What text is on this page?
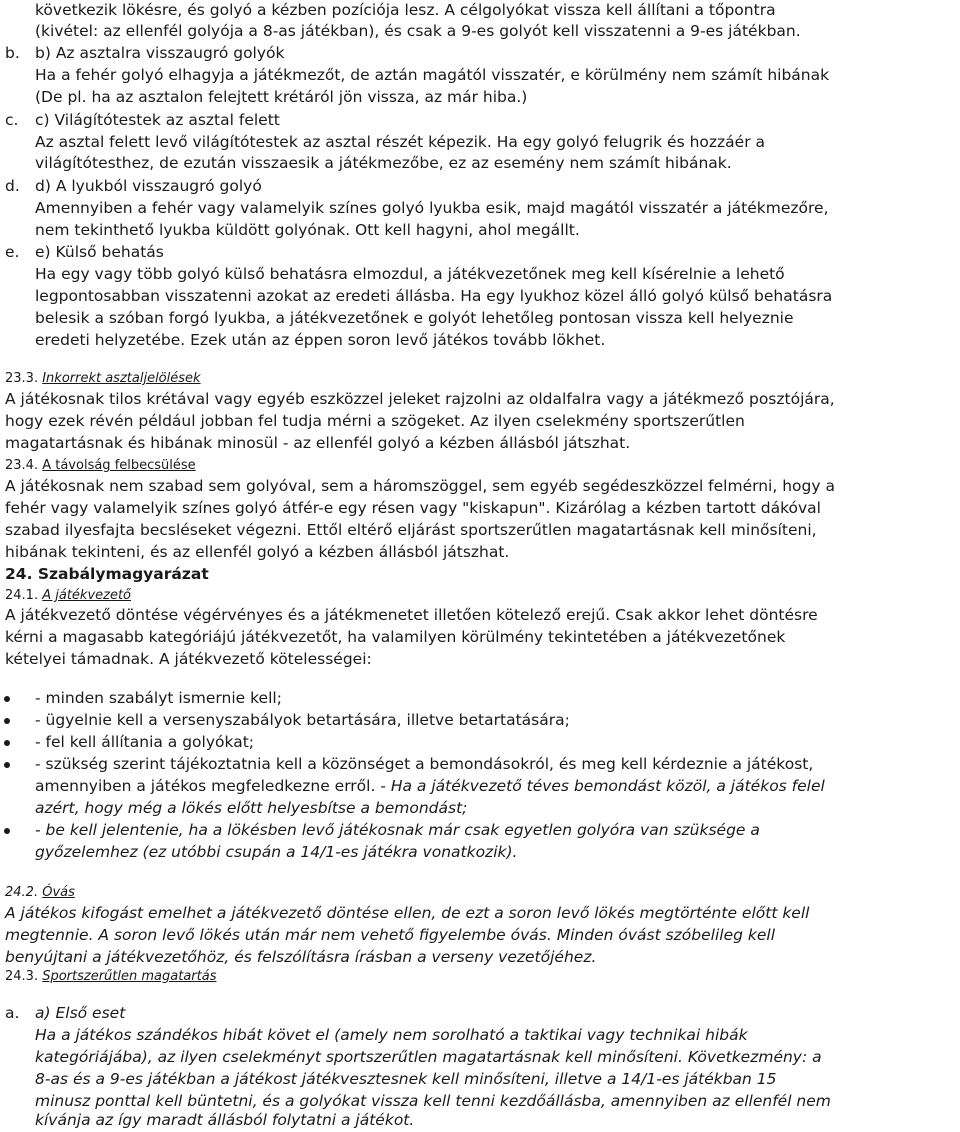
következik lökésre, és golyó a kézben pozíciója lesz. A célgolyókat vissza kell állítani a tőpontra
(kivétel: az ellenfél golyója a 8-as játékban), és csak a 9-es golyót kell visszatenni a 9-es játékban.
b. b) Az asztalra visszaugró golyók
Ha a fehér golyó elhagyja a játékmezőt, de aztán magától visszatér, e körülmény nem számít hibának
(De pl. ha az asztalon felejtett krétáról jön vissza, az már hiba.)
c. c) Világítótestek az asztal felett
Az asztal felett levő világítótestek az asztal részét képezik. Ha egy golyó felugrik és hozzáér a
világítótesthez, de ezután visszaesik a játékmezőbe, ez az esemény nem számít hibának.
d. d) A lyukból visszaugró golyó
Amennyiben a fehér vagy valamelyik színes golyó lyukba esik, majd magától visszatér a játékmezőre,
nem tekinthető lyukba küldött golyónak. Ott kell hagyni, ahol megállt.
e. e) Külső behatás
Ha egy vagy több golyó külső behatásra elmozdul, a játékvezetőnek meg kell kísérelnie a lehető
legpontosabban visszatenni azokat az eredeti állásba. Ha egy lyukhoz közel álló golyó külső behatásra
belesik a szóban forgó lyukba, a játékvezetőnek e golyót lehetőleg pontosan vissza kell helyeznie
eredeti helyzetébe. Ezek után az éppen soron levő játékos tovább lökhet.
23.3. Inkorrekt asztaljelölések
A játékosnak tilos krétával vagy egyéb eszközzel jeleket rajzolni az oldalfalra vagy a játékmező posztójára,
hogy ezek révén például jobban fel tudja mérni a szögeket. Az ilyen cselekmény sportszerűtlen
magatartásnak és hibának minosül - az ellenfél golyó a kézben állásból játszhat.
23.4. A távolság felbecsülése
A játékosnak nem szabad sem golyóval, sem a háromszöggel, sem egyéb segédeszközzel felmérni, hogy a
fehér vagy valamelyik színes golyó átfér-e egy résen vagy "kiskapun". Kizárólag a kézben tartott dákóval
szabad ilyesfajta becsléseket végezni. Ettől eltérő eljárást sportszerűtlen magatartásnak kell minősíteni,
hibának tekinteni, és az ellenfél golyó a kézben állásból játszhat.
24. Szabálymagyarázat
24.1. A játékvezető
A játékvezető döntése végérvényes és a játékmenetet illetően kötelező erejű. Csak akkor lehet döntésre
kérni a magasabb kategóriájú játékvezetőt, ha valamilyen körülmény tekintetében a játékvezetőnek
kételyei támadnak. A játékvezető kötelességei:
- minden szabályt ismernie kell;
- ügyelnie kell a versenyszabályok betartására, illetve betartatására;
- fel kell állítania a golyókat;
- szükség szerint tájékoztatnia kell a közönséget a bemondásokról, és meg kell kérdeznie a játékost,
amennyiben a játékos megfeledkezne erről. - Ha a játékvezető téves bemondást közöl, a játékos felel
azért, hogy még a lökés előtt helyesbítse a bemondást;
- be kell jelentenie, ha a lökésben levő játékosnak már csak egyetlen golyóra van szüksége a
győzelemhez (ez utóbbi csupán a 14/1-es játékra vonatkozik).
24.2. Óvás
A játékos kifogást emelhet a játékvezető döntése ellen, de ezt a soron levő lökés megtörténte előtt kell
megtennie. A soron levő lökés után már nem vehető figyelembe óvás. Minden óvást szóbelileg kell
benyújtani a játékvezetőhöz, és felszólításra írásban a verseny vezetőjéhez.
24.3. Sportszerűtlen magatartás
a. a) Első eset
Ha a játékos szándékos hibát követ el (amely nem sorolható a taktikai vagy technikai hibák
kategóriájába), az ilyen cselekményt sportszerűtlen magatartásnak kell minősíteni. Következmény: a
8-as és a 9-es játékban a játékost játékvesztesnek kell minősíteni, illetve a 14/1-es játékban 15
minusz ponttal kell büntetni, és a golyókat vissza kell tenni kezdőállásba, amennyiben az ellenfél nem
kívánja az így maradt állásból folytatni a játékot.
